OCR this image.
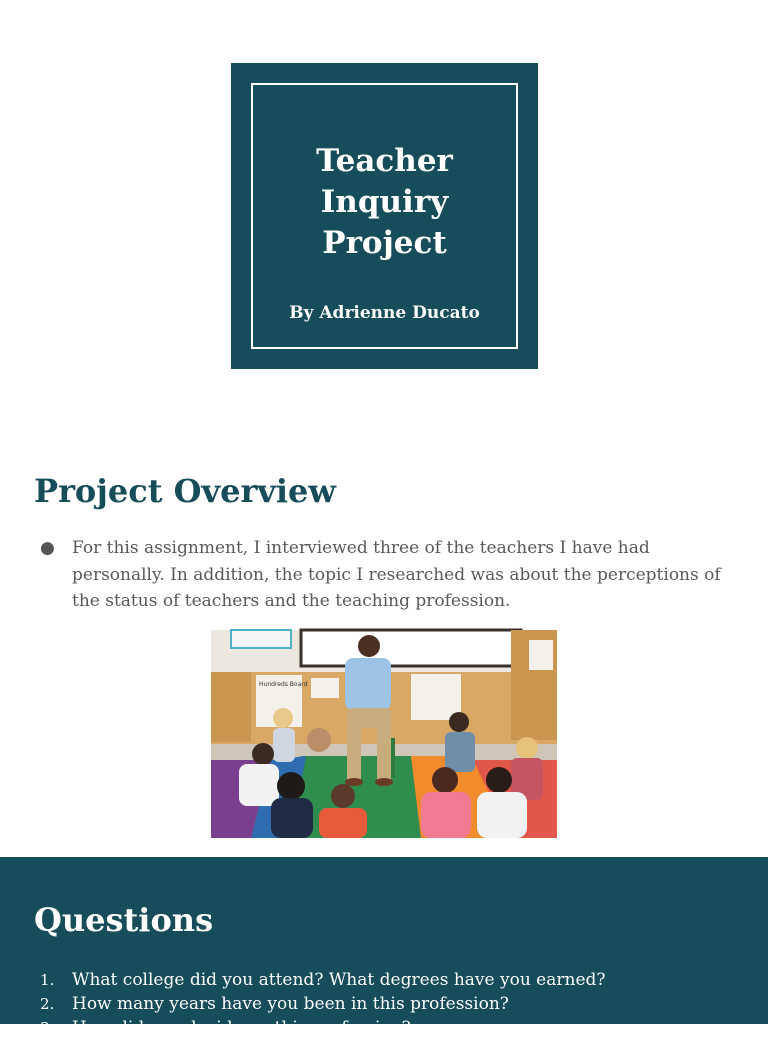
Teacher
Inquiry
Project
By Adrienne Ducato
Project Overview
● For this assignment, I interviewed three of the teachers I have had personally. In addition, the topic I researched was about the perceptions of the status of teachers and the teaching profession.
Hundreds Board
Questions
1. What college did you attend? What degrees have you earned?
2. How many years have you been in this profession?
3. How did you decide on this profession?
